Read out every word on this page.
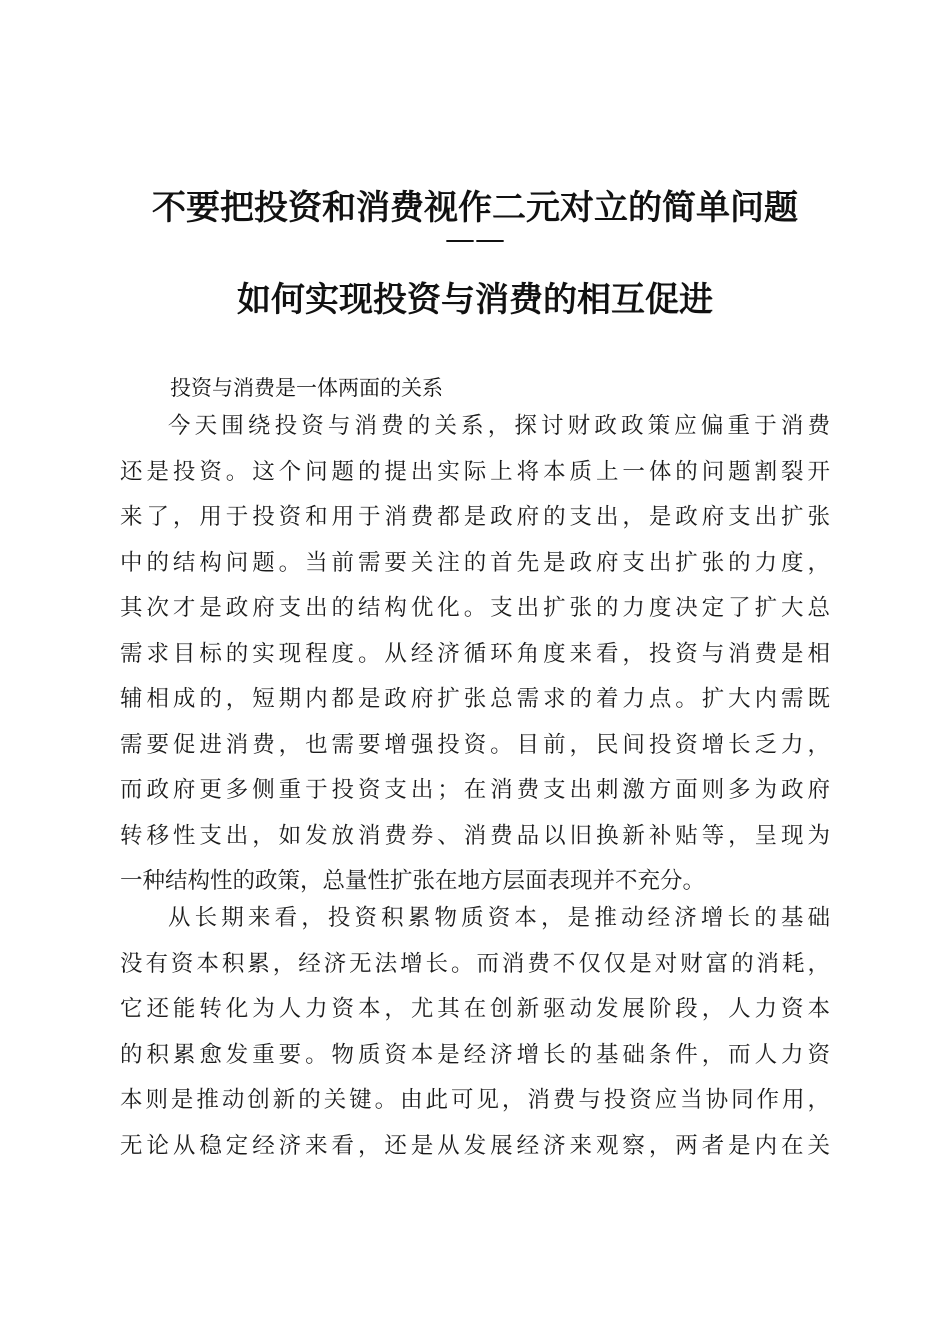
不要把投资和消费视作二元对立的简单问题
——
如何实现投资与消费的相互促进
投资与消费是一体两面的关系
今天围绕投资与消费的关系，探讨财政政策应偏重于消费
还是投资。这个问题的提出实际上将本质上一体的问题割裂开
来了，用于投资和用于消费都是政府的支出，是政府支出扩张
中的结构问题。当前需要关注的首先是政府支出扩张的力度，
其次才是政府支出的结构优化。支出扩张的力度决定了扩大总
需求目标的实现程度。从经济循环角度来看，投资与消费是相
辅相成的，短期内都是政府扩张总需求的着力点。扩大内需既
需要促进消费，也需要增强投资。目前，民间投资增长乏力，
而政府更多侧重于投资支出；在消费支出刺激方面则多为政府
转移性支出，如发放消费券、消费品以旧换新补贴等，呈现为
一种结构性的政策，总量性扩张在地方层面表现并不充分。
从长期来看，投资积累物质资本，是推动经济增长的基础
没有资本积累，经济无法增长。而消费不仅仅是对财富的消耗，
它还能转化为人力资本，尤其在创新驱动发展阶段，人力资本
的积累愈发重要。物质资本是经济增长的基础条件，而人力资
本则是推动创新的关键。由此可见，消费与投资应当协同作用，
无论从稳定经济来看，还是从发展经济来观察，两者是内在关
